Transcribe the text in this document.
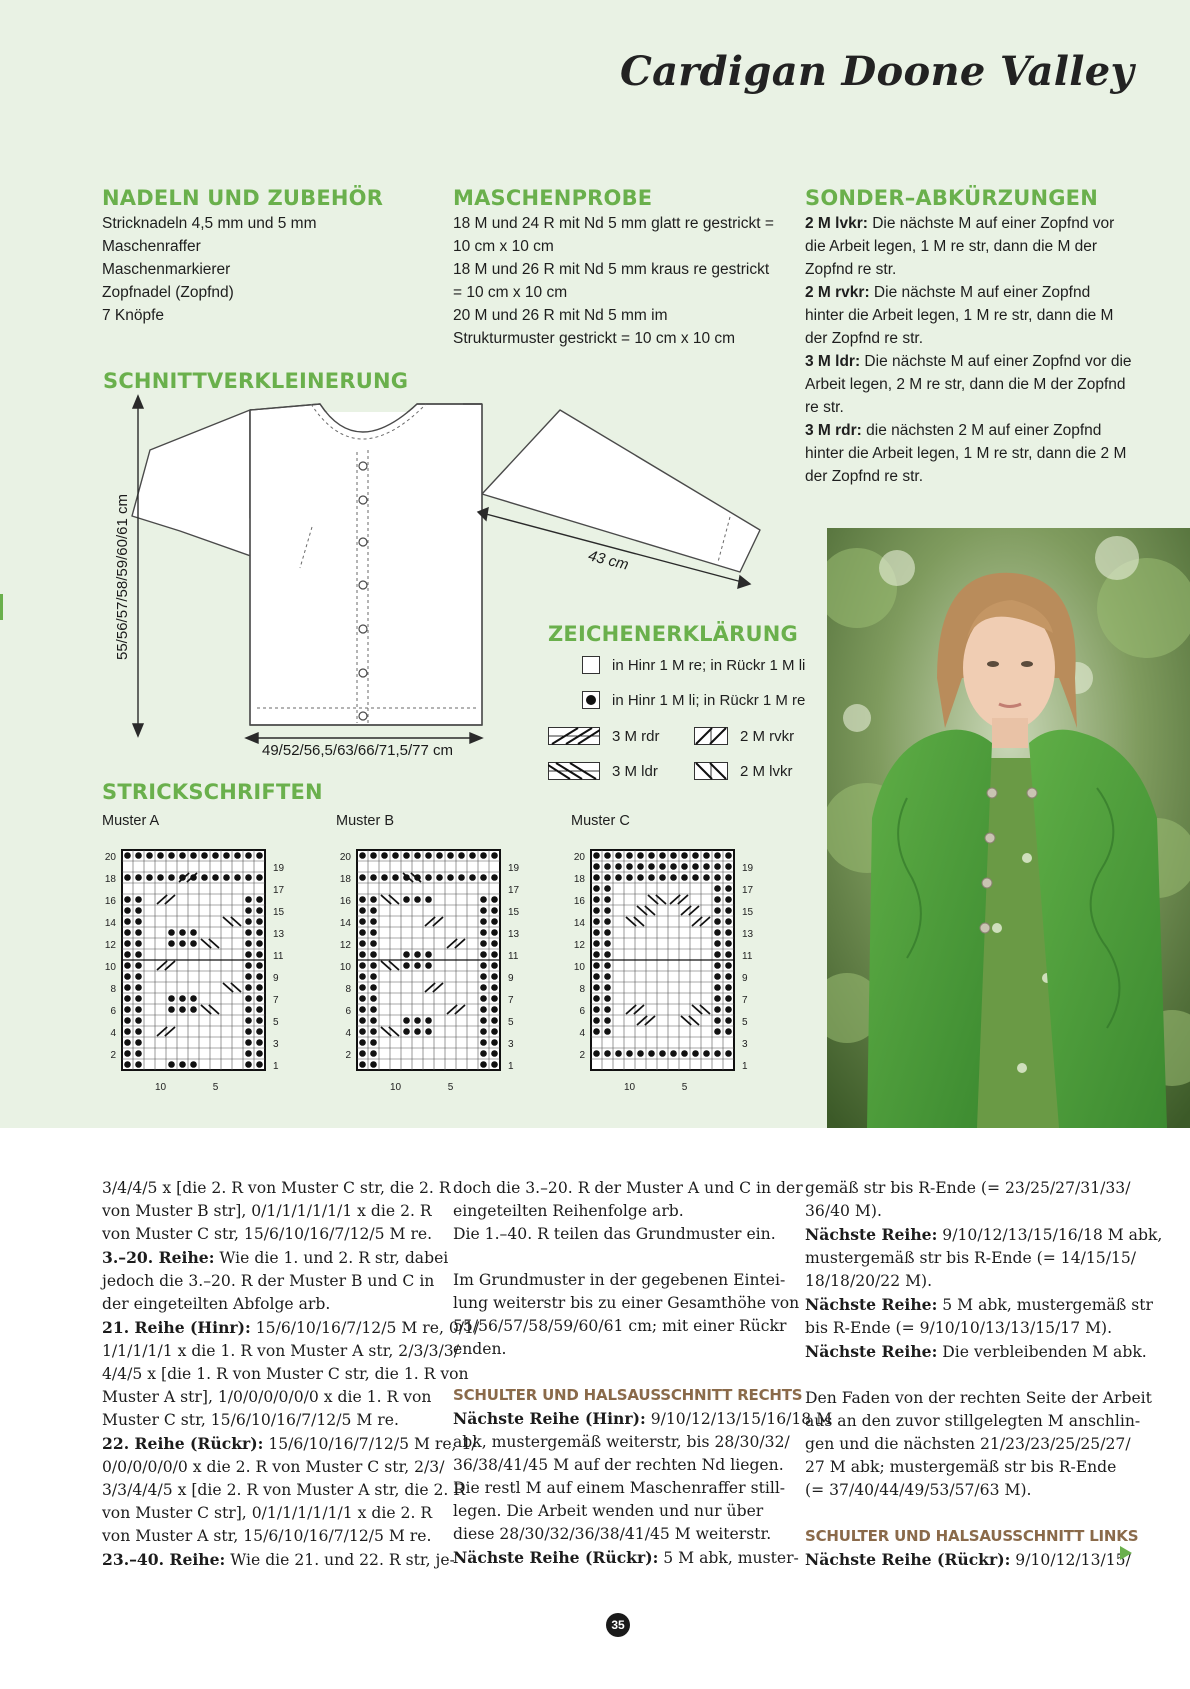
Cardigan Doone Valley
NADELN UND ZUBEHÖR
Stricknadeln 4,5 mm und 5 mm
Maschenraffer
Maschenmarkierer
Zopfnadel (Zopfnd)
7 Knöpfe
MASCHENPROBE
18 M und 24 R mit Nd 5 mm glatt re gestrickt =
10 cm x 10 cm
18 M und 26 R mit Nd 5 mm kraus re gestrickt
= 10 cm x 10 cm
20 M und 26 R mit Nd 5 mm im
Strukturmuster gestrickt = 10 cm x 10 cm
SONDER–ABKÜRZUNGEN
2 M lvkr: Die nächste M auf einer Zopfnd vor
die Arbeit legen, 1 M re str, dann die M der
Zopfnd re str.
2 M rvkr: Die nächste M auf einer Zopfnd
hinter die Arbeit legen, 1 M re str, dann die M
der Zopfnd re str.
3 M ldr: Die nächste M auf einer Zopfnd vor die
Arbeit legen, 2 M re str, dann die M der Zopfnd
re str.
3 M rdr: die nächsten 2 M auf einer Zopfnd
hinter die Arbeit legen, 1 M re str, dann die 2 M
der Zopfnd re str.
SCHNITTVERKLEINERUNG
55/56/57/58/59/60/61 cm
49/52/56,5/63/66/71,5/77 cm
43 cm
ZEICHENERKLÄRUNG
in Hinr 1 M re; in Rückr 1 M li
in Hinr 1 M li; in Rückr 1 M re
3 M rdr	2 M rvkr
3 M ldr	2 M lvkr
STRICKSCHRIFTEN
Muster A	Muster B	Muster C
20
18
16
14
12
10
8
6
4
2
19
17
15
13
11
9
7
5
3
1
10	5
20
18
16
14
12
10
8
6
4
2
19
17
15
13
11
9
7
5
3
1
10	5
20
18
16
14
12
10
8
6
4
2
19
17
15
13
11
9
7
5
3
1
10	5
3/4/4/5 x [die 2. R von Muster C str, die 2. R
von Muster B str], 0/1/1/1/1/1/1 x die 2. R
von Muster C str, 15/6/10/16/7/12/5 M re.
3.–20. Reihe: Wie die 1. und 2. R str, dabei
jedoch die 3.–20. R der Muster B und C in
der eingeteilten Abfolge arb.
21. Reihe (Hinr): 15/6/10/16/7/12/5 M re, 0/1/
1/1/1/1/1 x die 1. R von Muster A str, 2/3/3/3/
4/4/5 x [die 1. R von Muster C str, die 1. R von
Muster A str], 1/0/0/0/0/0/0 x die 1. R von
Muster C str, 15/6/10/16/7/12/5 M re.
22. Reihe (Rückr): 15/6/10/16/7/12/5 M re, 1/
0/0/0/0/0/0 x die 2. R von Muster C str, 2/3/
3/3/4/4/5 x [die 2. R von Muster A str, die 2. R
von Muster C str], 0/1/1/1/1/1/1 x die 2. R
von Muster A str, 15/6/10/16/7/12/5 M re.
23.–40. Reihe: Wie die 21. und 22. R str, je-
doch die 3.–20. R der Muster A und C in der
eingeteilten Reihenfolge arb.
Die 1.–40. R teilen das Grundmuster ein.
Im Grundmuster in der gegebenen Eintei-
lung weiterstr bis zu einer Gesamthöhe von
55/56/57/58/59/60/61 cm; mit einer Rückr
enden.
SCHULTER UND HALSAUSSCHNITT RECHTS
Nächste Reihe (Hinr): 9/10/12/13/15/16/18 M
abk, mustergemäß weiterstr, bis 28/30/32/
36/38/41/45 M auf der rechten Nd liegen.
Die restl M auf einem Maschenraffer still-
legen. Die Arbeit wenden und nur über
diese 28/30/32/36/38/41/45 M weiterstr.
Nächste Reihe (Rückr): 5 M abk, muster-
gemäß str bis R-Ende (= 23/25/27/31/33/
36/40 M).
Nächste Reihe: 9/10/12/13/15/16/18 M abk,
mustergemäß str bis R-Ende (= 14/15/15/
18/18/20/22 M).
Nächste Reihe: 5 M abk, mustergemäß str
bis R-Ende (= 9/10/10/13/13/15/17 M).
Nächste Reihe: Die verbleibenden M abk.
Den Faden von der rechten Seite der Arbeit
aus an den zuvor stillgelegten M anschlin-
gen und die nächsten 21/23/23/25/25/27/
27 M abk; mustergemäß str bis R-Ende
(= 37/40/44/49/53/57/63 M).
SCHULTER UND HALSAUSSCHNITT LINKS
Nächste Reihe (Rückr): 9/10/12/13/15/
35
